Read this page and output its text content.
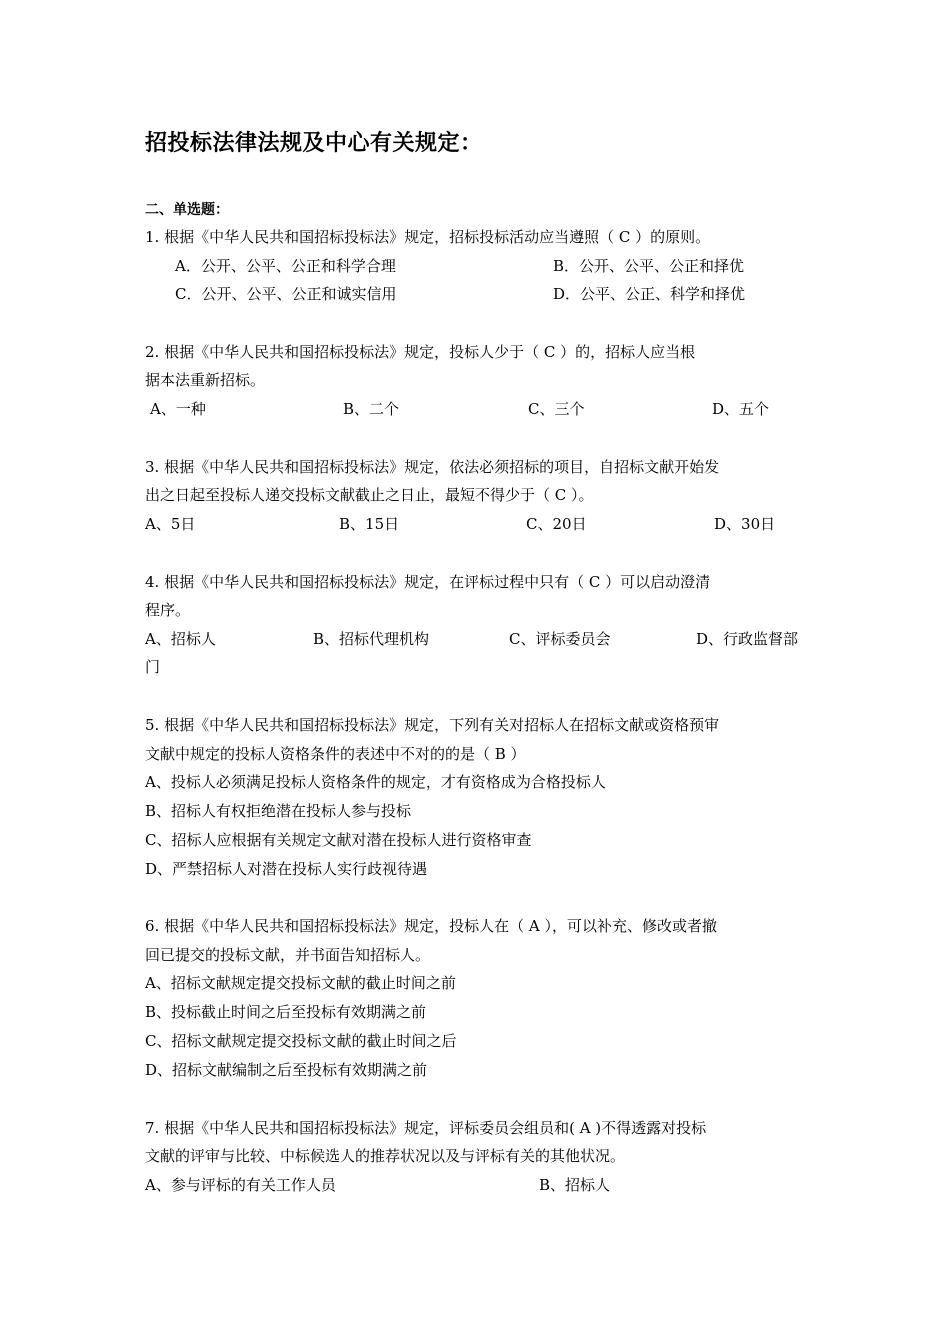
招投标法律法规及中心有关规定：
二、单选题：
1. 根据《中华人民共和国招标投标法》规定，招标投标活动应当遵照（ C ）的原则。
A．公开、公平、公正和科学合理	B．公开、公平、公正和择优
C．公开、公平、公正和诚实信用	D．公平、公正、科学和择优
2. 根据《中华人民共和国招标投标法》规定，投标人少于（ C ）的，招标人应当根
据本法重新招标。
A、一种	B、二个	C、三个	D、五个
3. 根据《中华人民共和国招标投标法》规定，依法必须招标的项目，自招标文献开始发
出之日起至投标人递交投标文献截止之日止，最短不得少于（ C ）。
A、5日	B、15日	C、20日	D、30日
4. 根据《中华人民共和国招标投标法》规定，在评标过程中只有（ C ）可以启动澄清
程序。
A、招标人	B、招标代理机构	C、评标委员会	D、行政监督部
门
5. 根据《中华人民共和国招标投标法》规定，下列有关对招标人在招标文献或资格预审
文献中规定的投标人资格条件的表述中不对的的是（ B ）
A、投标人必须满足投标人资格条件的规定，才有资格成为合格投标人
B、招标人有权拒绝潜在投标人参与投标
C、招标人应根据有关规定文献对潜在投标人进行资格审查
D、严禁招标人对潜在投标人实行歧视待遇
6. 根据《中华人民共和国招标投标法》规定，投标人在（ A ），可以补充、修改或者撤
回已提交的投标文献，并书面告知招标人。
A、招标文献规定提交投标文献的截止时间之前
B、投标截止时间之后至投标有效期满之前
C、招标文献规定提交投标文献的截止时间之后
D、招标文献编制之后至投标有效期满之前
7. 根据《中华人民共和国招标投标法》规定，评标委员会组员和( A )不得透露对投标
文献的评审与比较、中标候选人的推荐状况以及与评标有关的其他状况。
A、参与评标的有关工作人员	B、招标人
